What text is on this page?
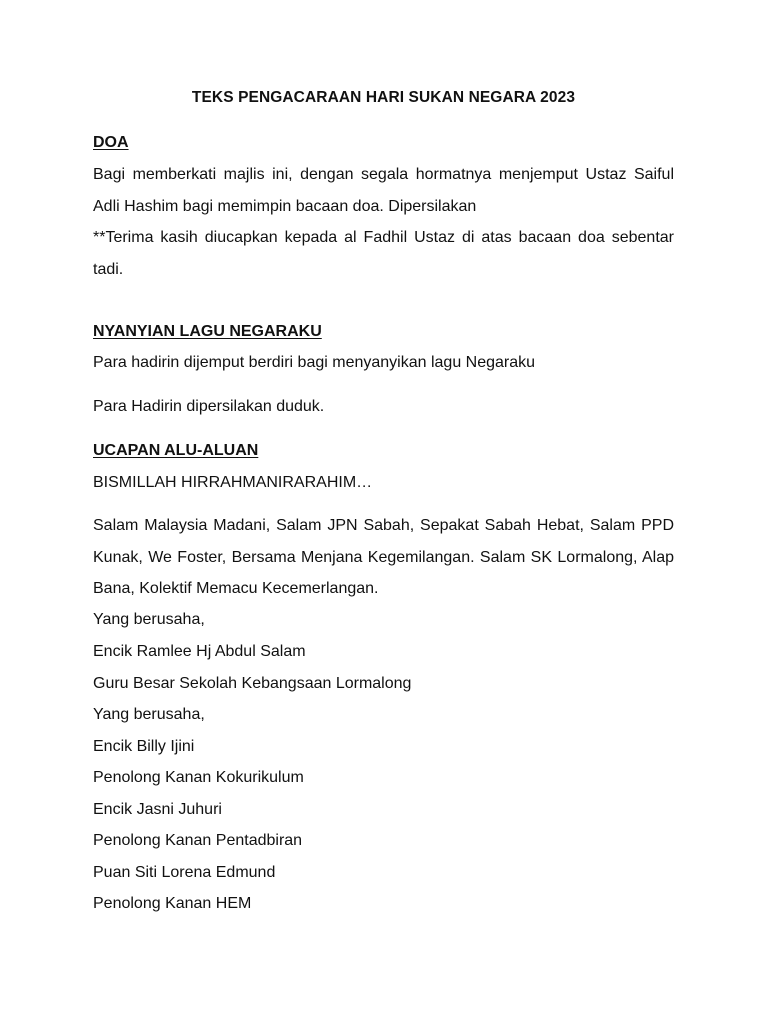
TEKS PENGACARAAN HARI SUKAN NEGARA 2023
DOA
Bagi memberkati majlis ini, dengan segala hormatnya menjemput Ustaz Saiful Adli Hashim bagi memimpin bacaan doa. Dipersilakan
**Terima kasih diucapkan kepada al Fadhil Ustaz di atas bacaan doa sebentar tadi.
NYANYIAN LAGU NEGARAKU
Para hadirin dijemput berdiri bagi menyanyikan lagu Negaraku
Para Hadirin dipersilakan duduk.
UCAPAN ALU-ALUAN
BISMILLAH HIRRAHMANIRARAHIM…
Salam Malaysia Madani, Salam JPN Sabah, Sepakat Sabah Hebat, Salam PPD Kunak, We Foster, Bersama Menjana Kegemilangan. Salam SK Lormalong, Alap Bana, Kolektif Memacu Kecemerlangan.
Yang berusaha,
Encik Ramlee Hj Abdul Salam
Guru Besar Sekolah Kebangsaan Lormalong
Yang berusaha,
Encik Billy Ijini
Penolong Kanan Kokurikulum
Encik Jasni Juhuri
Penolong Kanan Pentadbiran
Puan Siti Lorena Edmund
Penolong Kanan HEM
